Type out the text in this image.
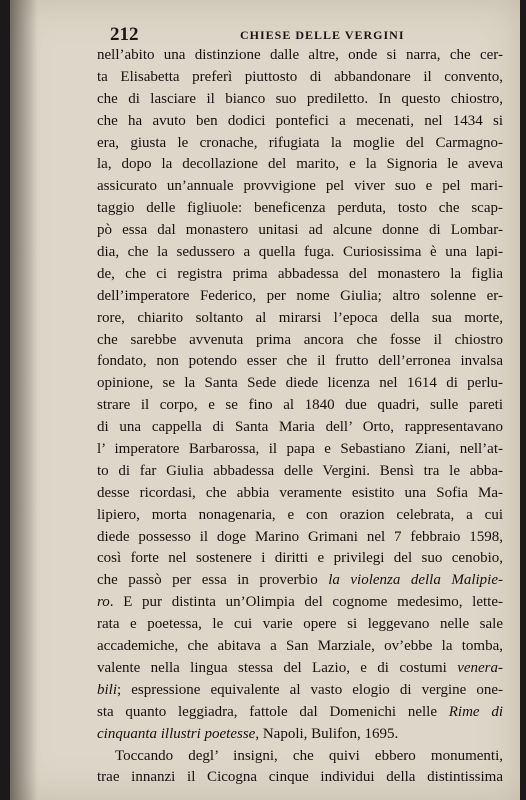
212	CHIESE DELLE VERGINI
nell’abito una distinzione dalle altre, onde si narra, che cer-
ta Elisabetta preferì piuttosto di abbandonare il convento,
che di lasciare il bianco suo prediletto. In questo chiostro,
che ha avuto ben dodici pontefici a mecenati, nel 1434 si
era, giusta le cronache, rifugiata la moglie del Carmagno-
la, dopo la decollazione del marito, e la Signoria le aveva
assicurato un’annuale provvigione pel viver suo e pel mari-
taggio delle figliuole: beneficenza perduta, tosto che scap-
pò essa dal monastero unitasi ad alcune donne di Lombar-
dia, che la sedussero a quella fuga. Curiosissima è una lapi-
de, che ci registra prima abbadessa del monastero la figlia
dell’imperatore Federico, per nome Giulia; altro solenne er-
rore, chiarito soltanto al mirarsi l’epoca della sua morte,
che sarebbe avvenuta prima ancora che fosse il chiostro
fondato, non potendo esser che il frutto dell’erronea invalsa
opinione, se la Santa Sede diede licenza nel 1614 di perlu-
strare il corpo, e se fino al 1840 due quadri, sulle pareti
di una cappella di Santa Maria dell’ Orto, rappresentavano
l’ imperatore Barbarossa, il papa e Sebastiano Ziani, nell’at-
to di far Giulia abbadessa delle Vergini. Bensì tra le abba-
desse ricordasi, che abbia veramente esistito una Sofia Ma-
lipiero, morta nonagenaria, e con orazion celebrata, a cui
diede possesso il doge Marino Grimani nel 7 febbraio 1598,
così forte nel sostenere i diritti e privilegi del suo cenobio,
che passò per essa in proverbio la violenza della Malipie-
ro. E pur distinta un’Olimpia del cognome medesimo, lette-
rata e poetessa, le cui varie opere si leggevano nelle sale
accademiche, che abitava a San Marziale, ov’ebbe la tomba,
valente nella lingua stessa del Lazio, e di costumi venera-
bili; espressione equivalente al vasto elogio di vergine one-
sta quanto leggiadra, fattole dal Domenichi nelle Rime di
cinquanta illustri poetesse, Napoli, Bulifon, 1695.
Toccando degl’ insigni, che quivi ebbero monumenti,
trae innanzi il Cicogna cinque individui della distintissima
